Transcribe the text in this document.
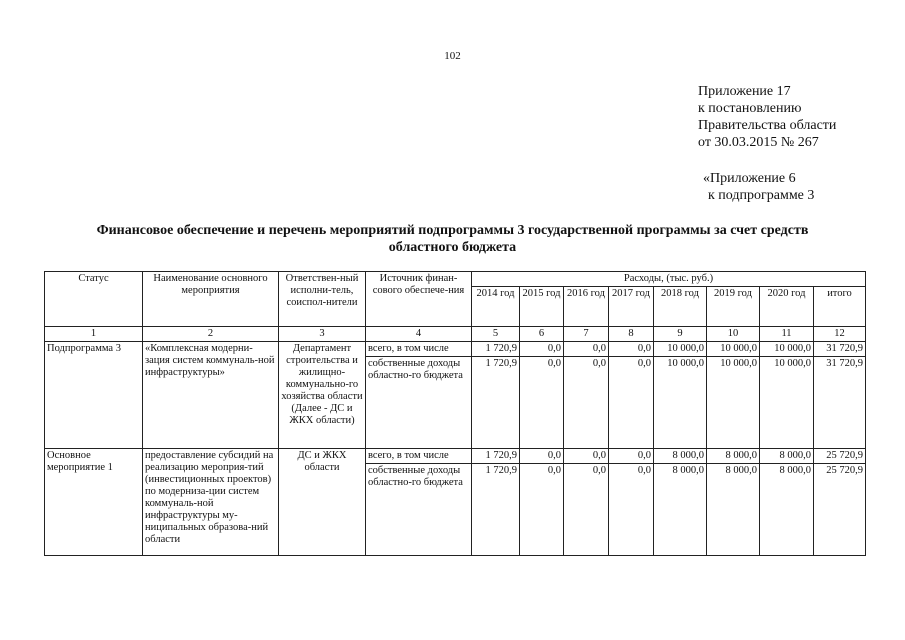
102
Приложение 17
к постановлению
Правительства области
от 30.03.2015 № 267
«Приложение 6
к подпрограмме 3
Финансовое обеспечение и перечень мероприятий подпрограммы 3 государственной программы за счет средств
областного бюджета
Статус	Наименование основного мероприятия	Ответствен-ный исполни-тель, соиспол-нители	Источник финан-сового обеспече-ния	Расходы, (тыс. руб.)							
				2014 год	2015 год	2016 год	2017 год	2018 год	2019 год	2020 год	итого
1	2	3	4	5	6	7	8	9	10	11	12
Подпрограмма 3	«Комплексная модерни-зация систем коммуналь-ной инфраструктуры»	Департамент строительства и жилищно-коммунально-го хозяйства области (Далее - ДС и ЖКХ области)	всего, в том числе	1 720,9	0,0	0,0	0,0	10 000,0	10 000,0	10 000,0	31 720,9
			собственные доходы областно-го бюджета	1 720,9	0,0	0,0	0,0	10 000,0	10 000,0	10 000,0	31 720,9
Основное мероприятие 1	предоставление субсидий на реализацию мероприя-тий (инвестиционных проектов) по модерниза-ции систем коммуналь-ной инфраструктуры му-ниципальных образова-ний области	ДС и ЖКХ области	всего, в том числе	1 720,9	0,0	0,0	0,0	8 000,0	8 000,0	8 000,0	25 720,9
			собственные доходы областно-го бюджета	1 720,9	0,0	0,0	0,0	8 000,0	8 000,0	8 000,0	25 720,9
